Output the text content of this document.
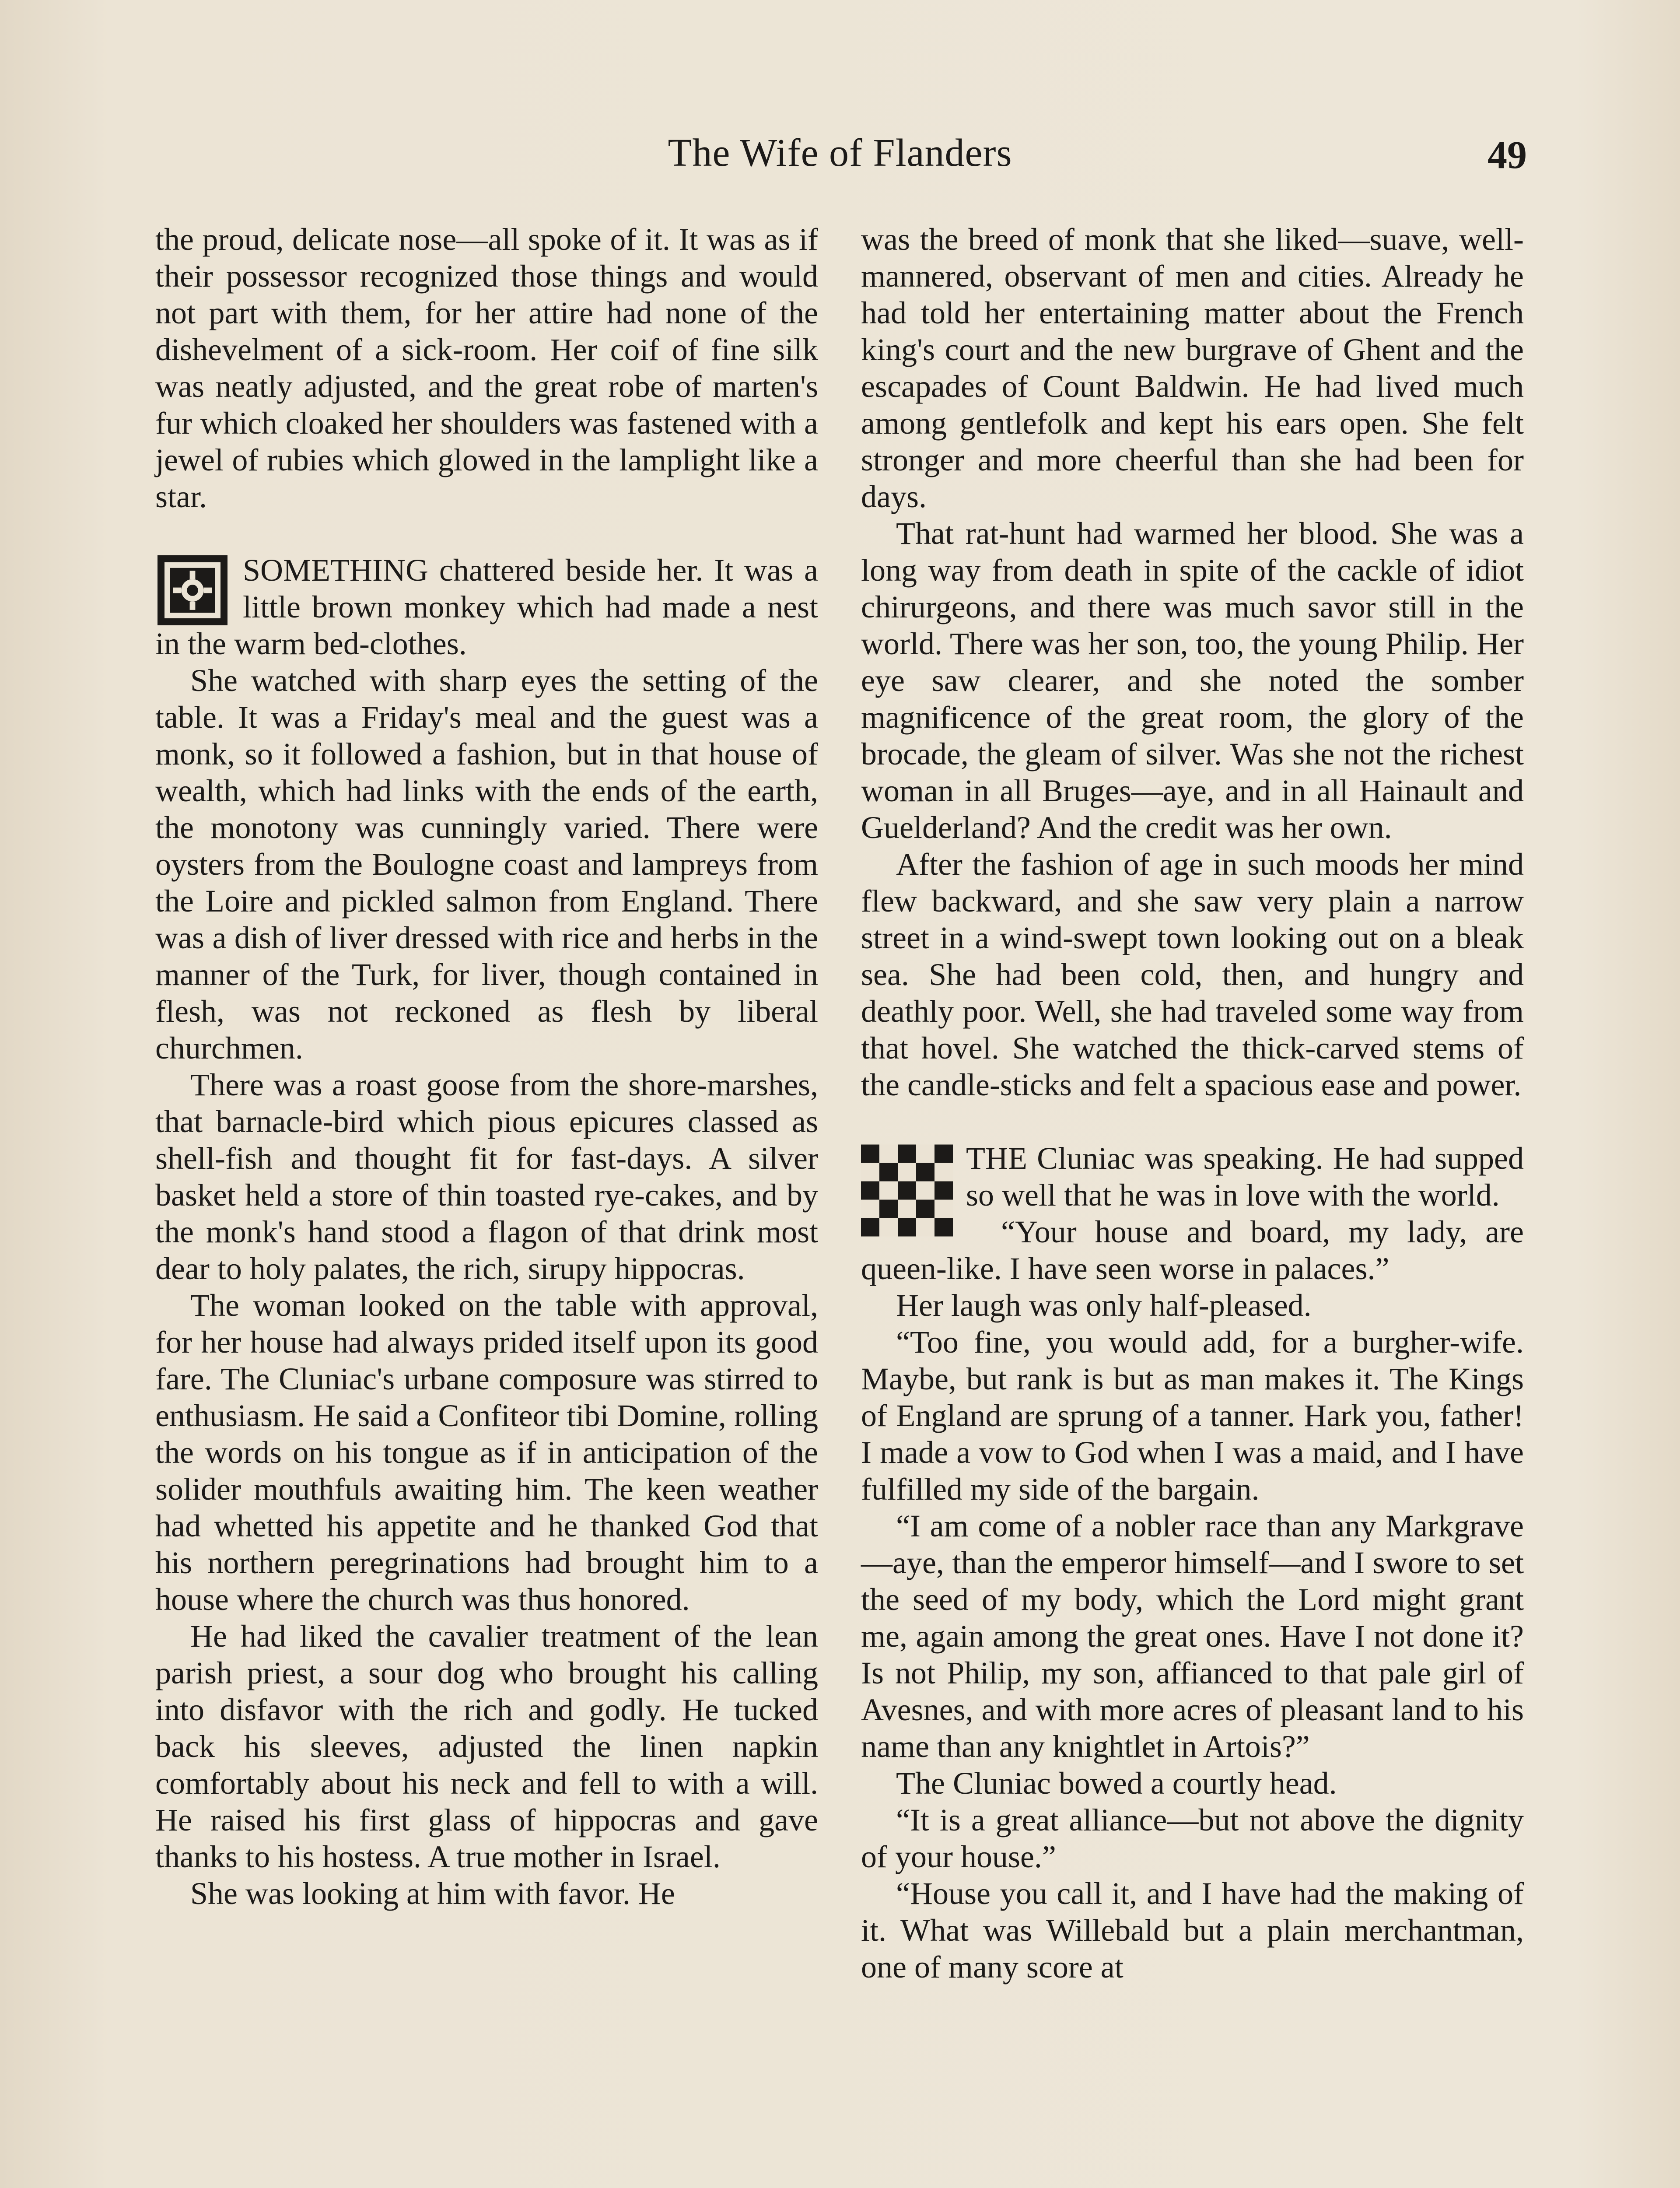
The Wife of Flanders	49

the proud, delicate nose—all spoke of it. It was as if their possessor recognized those things and would not part with them, for her attire had none of the dishevelment of a sick-room. Her coif of fine silk was neatly adjusted, and the great robe of marten's fur which cloaked her shoulders was fastened with a jewel of rubies which glowed in the lamplight like a star.

SOMETHING chattered beside her. It was a little brown monkey which had made a nest in the warm bed-clothes.

She watched with sharp eyes the setting of the table. It was a Friday's meal and the guest was a monk, so it followed a fashion, but in that house of wealth, which had links with the ends of the earth, the monotony was cunningly varied. There were oysters from the Boulogne coast and lampreys from the Loire and pickled salmon from England. There was a dish of liver dressed with rice and herbs in the manner of the Turk, for liver, though contained in flesh, was not reckoned as flesh by liberal churchmen.

There was a roast goose from the shore-marshes, that barnacle-bird which pious epicures classed as shell-fish and thought fit for fast-days. A silver basket held a store of thin toasted rye-cakes, and by the monk's hand stood a flagon of that drink most dear to holy palates, the rich, sirupy hippocras.

The woman looked on the table with approval, for her house had always prided itself upon its good fare. The Cluniac's urbane composure was stirred to enthusiasm. He said a Confiteor tibi Domine, rolling the words on his tongue as if in anticipation of the solider mouthfuls awaiting him. The keen weather had whetted his appetite and he thanked God that his northern peregrinations had brought him to a house where the church was thus honored.

He had liked the cavalier treatment of the lean parish priest, a sour dog who brought his calling into disfavor with the rich and godly. He tucked back his sleeves, adjusted the linen napkin comfortably about his neck and fell to with a will. He raised his first glass of hippocras and gave thanks to his hostess. A true mother in Israel.

She was looking at him with favor. He

was the breed of monk that she liked—suave, well-mannered, observant of men and cities. Already he had told her entertaining matter about the French king's court and the new burgrave of Ghent and the escapades of Count Baldwin. He had lived much among gentlefolk and kept his ears open. She felt stronger and more cheerful than she had been for days.

That rat-hunt had warmed her blood. She was a long way from death in spite of the cackle of idiot chirurgeons, and there was much savor still in the world. There was her son, too, the young Philip. Her eye saw clearer, and she noted the somber magnificence of the great room, the glory of the brocade, the gleam of silver. Was she not the richest woman in all Bruges—aye, and in all Hainault and Guelderland? And the credit was her own.

After the fashion of age in such moods her mind flew backward, and she saw very plain a narrow street in a wind-swept town looking out on a bleak sea. She had been cold, then, and hungry and deathly poor. Well, she had traveled some way from that hovel. She watched the thick-carved stems of the candle-sticks and felt a spacious ease and power.

THE Cluniac was speaking. He had supped so well that he was in love with the world.

“Your house and board, my lady, are queen-like. I have seen worse in palaces.”

Her laugh was only half-pleased.

“Too fine, you would add, for a burgher-wife. Maybe, but rank is but as man makes it. The Kings of England are sprung of a tanner. Hark you, father! I made a vow to God when I was a maid, and I have fulfilled my side of the bargain.

“I am come of a nobler race than any Markgrave—aye, than the emperor himself—and I swore to set the seed of my body, which the Lord might grant me, again among the great ones. Have I not done it? Is not Philip, my son, affianced to that pale girl of Avesnes, and with more acres of pleasant land to his name than any knightlet in Artois?”

The Cluniac bowed a courtly head.

“It is a great alliance—but not above the dignity of your house.”

“House you call it, and I have had the making of it. What was Willebald but a plain merchantman, one of many score at
